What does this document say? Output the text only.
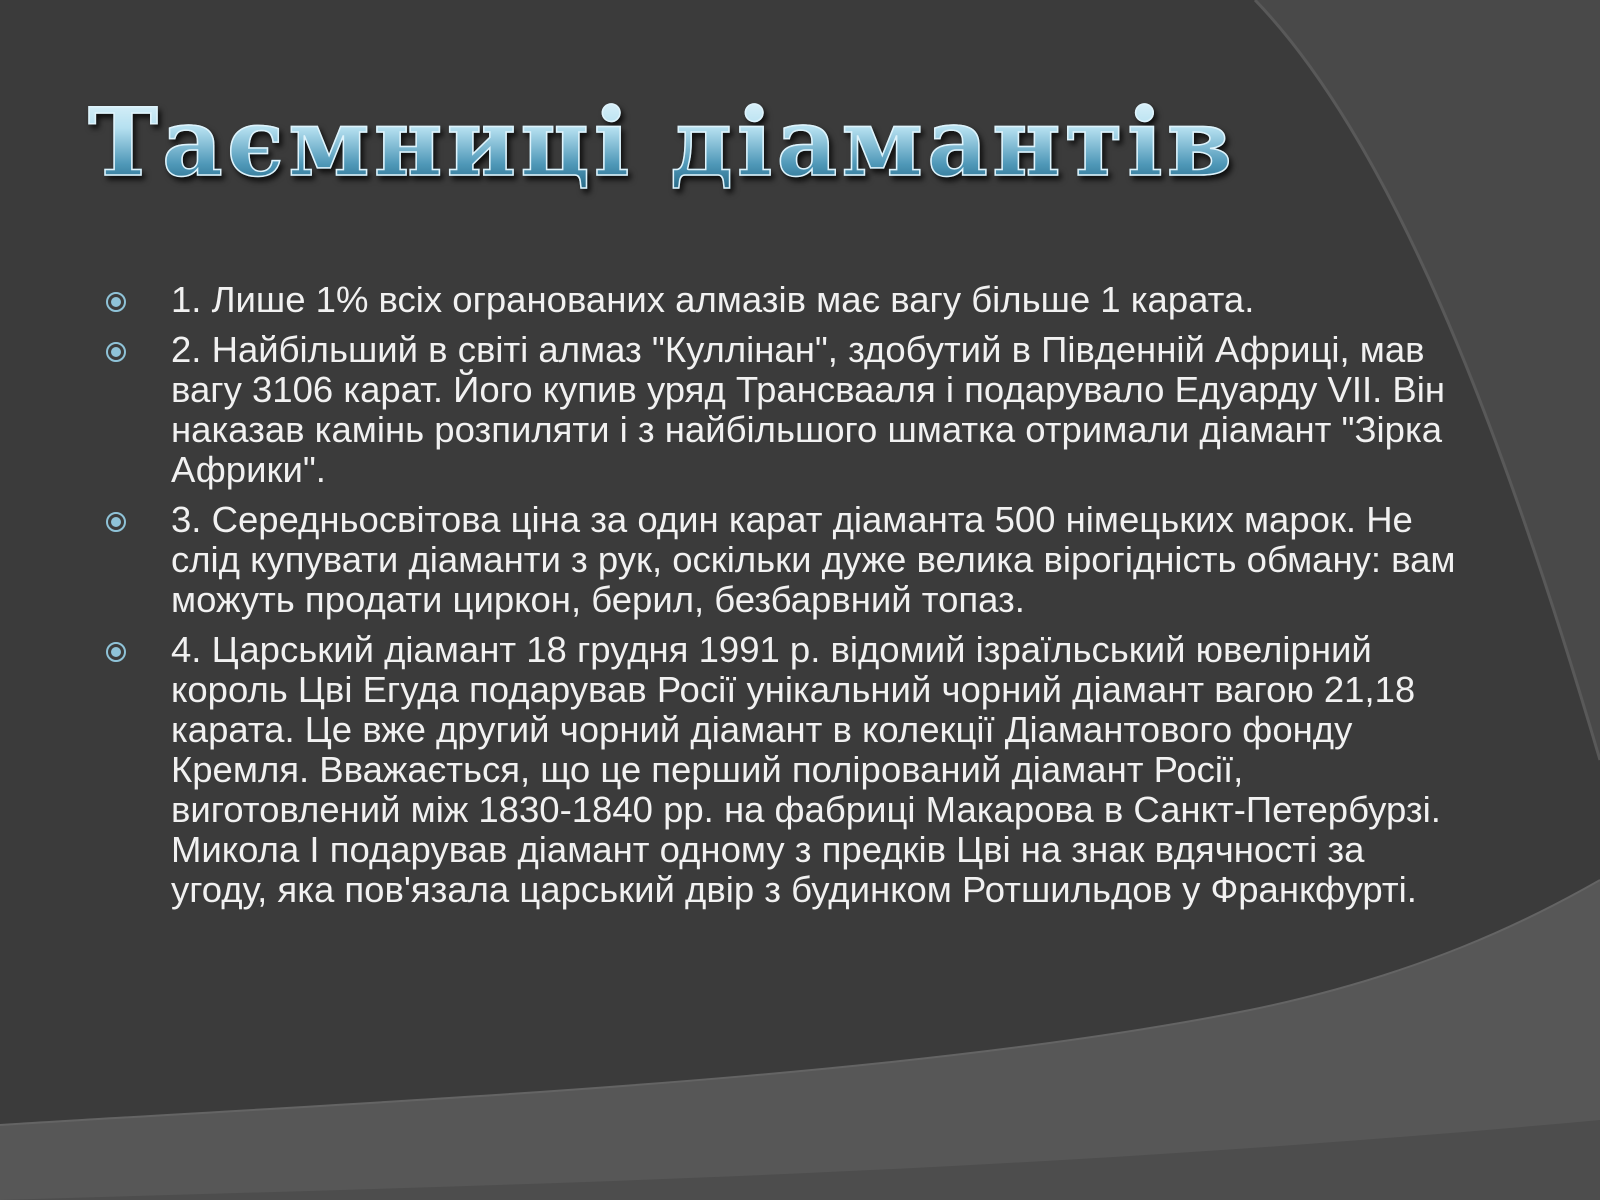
Таємниці діамантів
1. Лише 1% всіх огранованих алмазів має вагу більше 1 карата.
2. Найбільший в світі алмаз "Куллінан", здобутий в Південній Африці, мав вагу 3106 карат. Його купив уряд Трансвааля і подарувало Едуарду VII. Він наказав камінь розпиляти і з найбільшого шматка отримали діамант "Зірка Африки".
3. Середньосвітова ціна за один карат діаманта 500 німецьких марок. Не слід купувати діаманти з рук, оскільки дуже велика вірогідність обману: вам можуть продати циркон, берил, безбарвний топаз.
4. Царський діамант 18 грудня 1991 р. відомий ізраїльський ювелірний король Цві Егуда подарував Росії унікальний чорний діамант вагою 21,18 карата. Це вже другий чорний діамант в колекції Діамантового фонду Кремля. Вважається, що це перший полірований діамант Росії, виготовлений між 1830-1840 рр. на фабриці Макарова в Санкт-Петербурзі. Микола І подарував діамант одному з предків Цві на знак вдячності за угоду, яка пов'язала царський двір з будинком Ротшильдов у Франкфурті.
